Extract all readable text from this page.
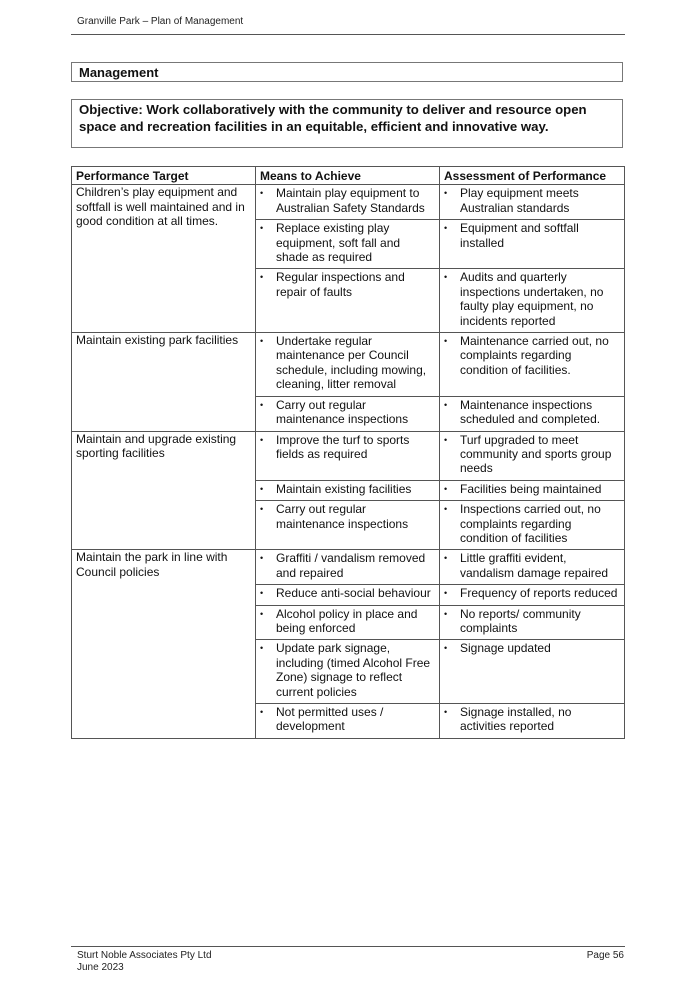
Granville Park – Plan of Management
Management
Objective: Work collaboratively with the community to deliver and resource open space and recreation facilities in an equitable, efficient and innovative way.
Performance Target	Means to Achieve	Assessment of Performance
Children’s play equipment and softfall is well maintained and in good condition at all times.	• Maintain play equipment to Australian Safety Standards	• Play equipment meets Australian standards

	• Replace existing play equipment, soft fall and shade as required	• Equipment and softfall installed

	• Regular inspections and repair of faults	• Audits and quarterly inspections undertaken, no faulty play equipment, no incidents reported

Maintain existing park facilities	• Undertake regular maintenance per Council schedule, including mowing, cleaning, litter removal	• Maintenance carried out, no complaints regarding condition of facilities.

	• Carry out regular maintenance inspections	• Maintenance inspections scheduled and completed.

Maintain and upgrade existing sporting facilities	• Improve the turf to sports fields as required	• Turf upgraded to meet community and sports group needs

	• Maintain existing facilities	• Facilities being maintained

	• Carry out regular maintenance inspections	• Inspections carried out, no complaints regarding condition of facilities

Maintain the park in line with Council policies	• Graffiti / vandalism removed and repaired	• Little graffiti evident, vandalism damage repaired

	• Reduce anti-social behaviour	• Frequency of reports reduced

	• Alcohol policy in place and being enforced	• No reports/ community complaints

	• Update park signage, including (timed Alcohol Free Zone) signage to reflect current policies	• Signage updated

	• Not permitted uses / development	• Signage installed, no activities reported
Sturt Noble Associates Pty Ltd
June 2023
Page 56
